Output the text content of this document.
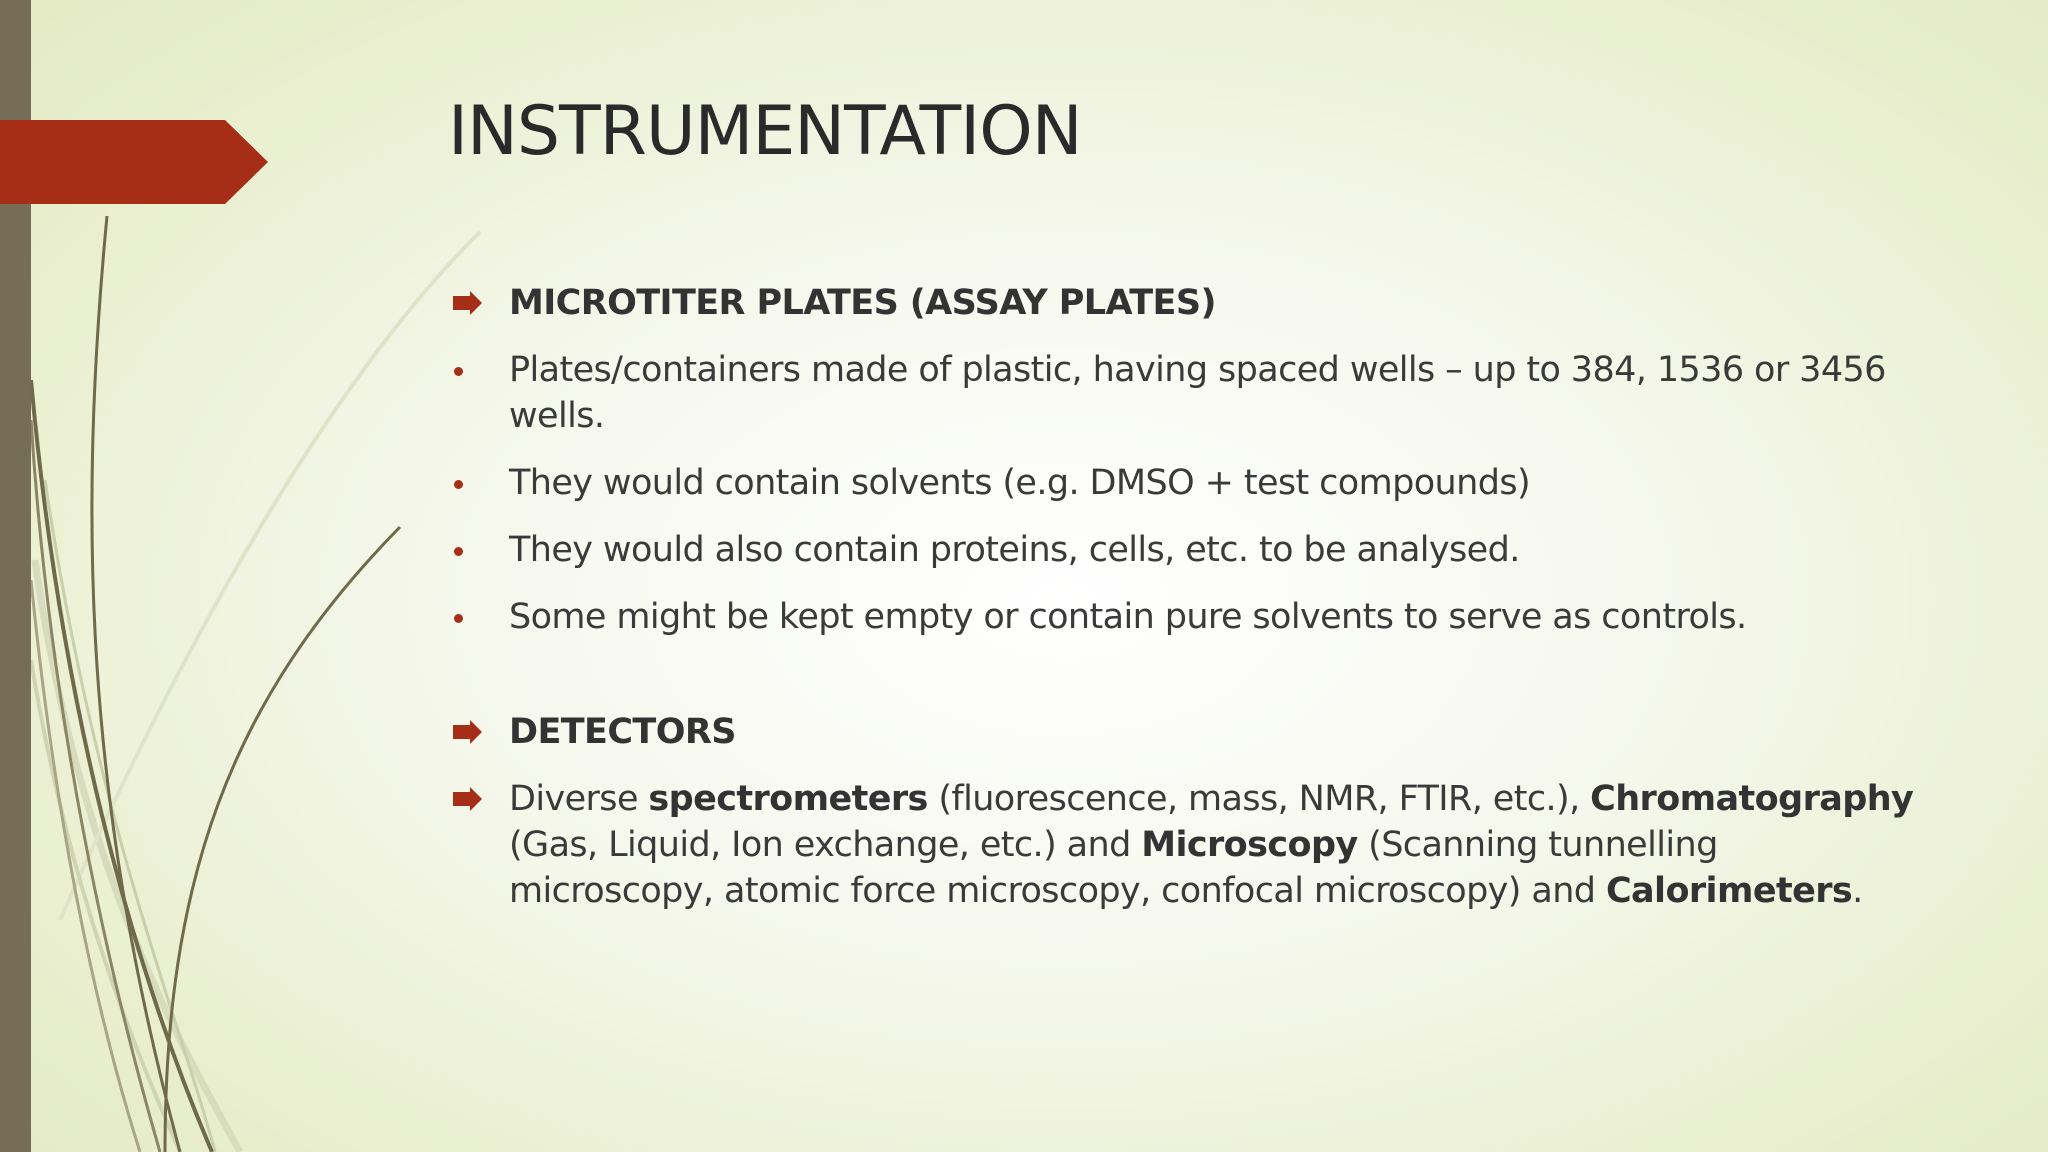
INSTRUMENTATION
MICROTITER PLATES (ASSAY PLATES)
Plates/containers made of plastic, having spaced wells – up to 384, 1536 or 3456 wells.
They would contain solvents (e.g. DMSO + test compounds)
They would also contain proteins, cells, etc. to be analysed.
Some might be kept empty or contain pure solvents to serve as controls.
DETECTORS
Diverse spectrometers (fluorescence, mass, NMR, FTIR, etc.), Chromatography (Gas, Liquid, Ion exchange, etc.) and Microscopy (Scanning tunnelling microscopy, atomic force microscopy, confocal microscopy) and Calorimeters.
